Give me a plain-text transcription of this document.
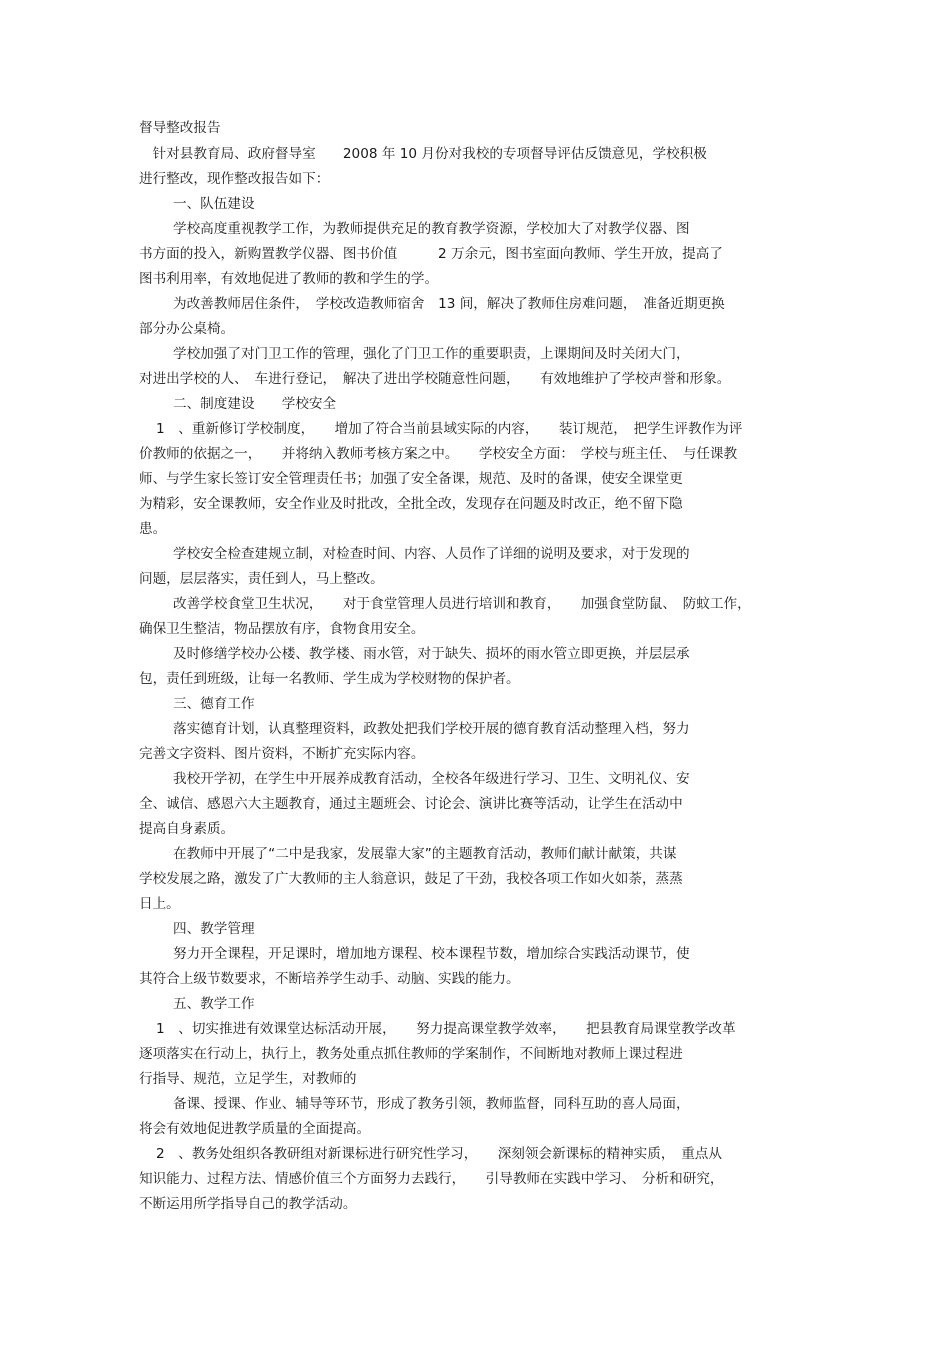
督导整改报告

　针对县教育局、政府督导室　　2008 年 10 月份对我校的专项督导评估反馈意见，学校积极

进行整改，现作整改报告如下：

一、队伍建设

学校高度重视教学工作，为教师提供充足的教育教学资源，学校加大了对教学仪器、图

书方面的投入，新购置教学仪器、图书价值　　　2 万余元，图书室面向教师、学生开放，提高了

图书利用率，有效地促进了教师的教和学生的学。

为改善教师居住条件，　学校改造教师宿舍　13 间，解决了教师住房难问题，　准备近期更换

部分办公桌椅。

学校加强了对门卫工作的管理，强化了门卫工作的重要职责，上课期间及时关闭大门，

对进出学校的人、　车进行登记，　解决了进出学校随意性问题，　　有效地维护了学校声誉和形象。

二、制度建设　　学校安全

1　、重新修订学校制度，　　增加了符合当前县域实际的内容，　　装订规范，　把学生评教作为评

价教师的依据之一，　　并将纳入教师考核方案之中。　　学校安全方面：　学校与班主任、　与任课教

师、与学生家长签订安全管理责任书；加强了安全备课，规范、及时的备课，使安全课堂更

为精彩，安全课教师，安全作业及时批改，全批全改，发现存在问题及时改正，绝不留下隐

患。

学校安全检查建规立制，对检查时间、内容、人员作了详细的说明及要求，对于发现的

问题，层层落实，责任到人，马上整改。

改善学校食堂卫生状况，　　对于食堂管理人员进行培训和教育，　　加强食堂防鼠、　防蚊工作，

确保卫生整洁，物品摆放有序，食物食用安全。

及时修缮学校办公楼、教学楼、雨水管，对于缺失、损坏的雨水管立即更换，并层层承

包，责任到班级，让每一名教师、学生成为学校财物的保护者。

三、德育工作

落实德育计划，认真整理资料，政教处把我们学校开展的德育教育活动整理入档，努力

完善文字资料、图片资料，不断扩充实际内容。

我校开学初，在学生中开展养成教育活动，全校各年级进行学习、卫生、文明礼仪、安

全、诚信、感恩六大主题教育，通过主题班会、讨论会、演讲比赛等活动，让学生在活动中

提高自身素质。

在教师中开展了“二中是我家，发展靠大家”的主题教育活动，教师们献计献策，共谋

学校发展之路，激发了广大教师的主人翁意识，鼓足了干劲，我校各项工作如火如荼，蒸蒸

日上。

四、教学管理

努力开全课程，开足课时，增加地方课程、校本课程节数，增加综合实践活动课节，使

其符合上级节数要求，不断培养学生动手、动脑、实践的能力。

五、教学工作

1　、切实推进有效课堂达标活动开展，　　努力提高课堂教学效率，　　把县教育局课堂教学改革

逐项落实在行动上，执行上，教务处重点抓住教师的学案制作，不间断地对教师上课过程进

行指导、规范，立足学生，对教师的

备课、授课、作业、辅导等环节，形成了教务引领，教师监督，同科互助的喜人局面，

将会有效地促进教学质量的全面提高。

2　、教务处组织各教研组对新课标进行研究性学习，　　深刻领会新课标的精神实质，　重点从

知识能力、过程方法、情感价值三个方面努力去践行，　　引导教师在实践中学习、　分析和研究，

不断运用所学指导自己的教学活动。
